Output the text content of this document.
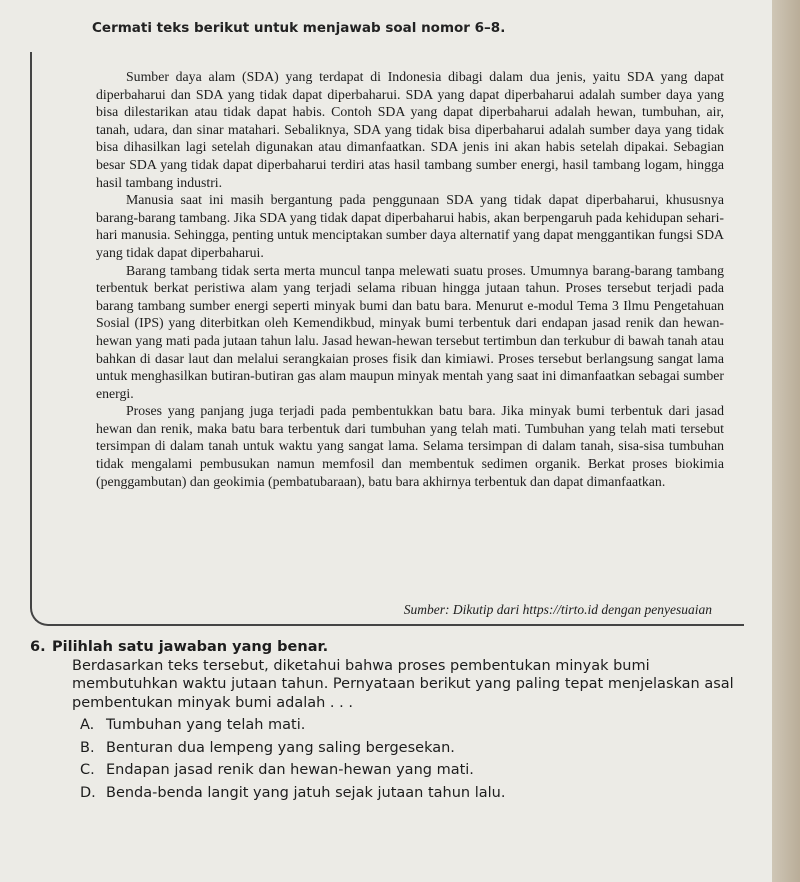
Cermati teks berikut untuk menjawab soal nomor 6–8.

Sumber daya alam (SDA) yang terdapat di Indonesia dibagi dalam dua jenis, yaitu SDA yang dapat diperbaharui dan SDA yang tidak dapat diperbaharui. SDA yang dapat diperbaharui adalah sumber daya yang bisa dilestarikan atau tidak dapat habis. Contoh SDA yang dapat diperbaharui adalah hewan, tumbuhan, air, tanah, udara, dan sinar matahari. Sebaliknya, SDA yang tidak bisa diperbaharui adalah sumber daya yang tidak bisa dihasilkan lagi setelah digunakan atau dimanfaatkan. SDA jenis ini akan habis setelah dipakai. Sebagian besar SDA yang tidak dapat diperbaharui terdiri atas hasil tambang sumber energi, hasil tambang logam, hingga hasil tambang industri.

Manusia saat ini masih bergantung pada penggunaan SDA yang tidak dapat diperbaharui, khususnya barang-barang tambang. Jika SDA yang tidak dapat diperbaharui habis, akan berpengaruh pada kehidupan sehari-hari manusia. Sehingga, penting untuk menciptakan sumber daya alternatif yang dapat menggantikan fungsi SDA yang tidak dapat diperbaharui.

Barang tambang tidak serta merta muncul tanpa melewati suatu proses. Umumnya barang-barang tambang terbentuk berkat peristiwa alam yang terjadi selama ribuan hingga jutaan tahun. Proses tersebut terjadi pada barang tambang sumber energi seperti minyak bumi dan batu bara. Menurut e-modul Tema 3 Ilmu Pengetahuan Sosial (IPS) yang diterbitkan oleh Kemendikbud, minyak bumi terbentuk dari endapan jasad renik dan hewan-hewan yang mati pada jutaan tahun lalu. Jasad hewan-hewan tersebut tertimbun dan terkubur di bawah tanah atau bahkan di dasar laut dan melalui serangkaian proses fisik dan kimiawi. Proses tersebut berlangsung sangat lama untuk menghasilkan butiran-butiran gas alam maupun minyak mentah yang saat ini dimanfaatkan sebagai sumber energi.

Proses yang panjang juga terjadi pada pembentukkan batu bara. Jika minyak bumi terbentuk dari jasad hewan dan renik, maka batu bara terbentuk dari tumbuhan yang telah mati. Tumbuhan yang telah mati tersebut tersimpan di dalam tanah untuk waktu yang sangat lama. Selama tersimpan di dalam tanah, sisa-sisa tumbuhan tidak mengalami pembusukan namun memfosil dan membentuk sedimen organik. Berkat proses biokimia (penggambutan) dan geokimia (pembatubaraan), batu bara akhirnya terbentuk dan dapat dimanfaatkan.

Sumber: Dikutip dari https://tirto.id dengan penyesuaian
6. Pilihlah satu jawaban yang benar.
Berdasarkan teks tersebut, diketahui bahwa proses pembentukan minyak bumi membutuhkan waktu jutaan tahun. Pernyataan berikut yang paling tepat menjelaskan asal pembentukan minyak bumi adalah . . .
A. Tumbuhan yang telah mati.
B. Benturan dua lempeng yang saling bergesekan.
C. Endapan jasad renik dan hewan-hewan yang mati.
D. Benda-benda langit yang jatuh sejak jutaan tahun lalu.
